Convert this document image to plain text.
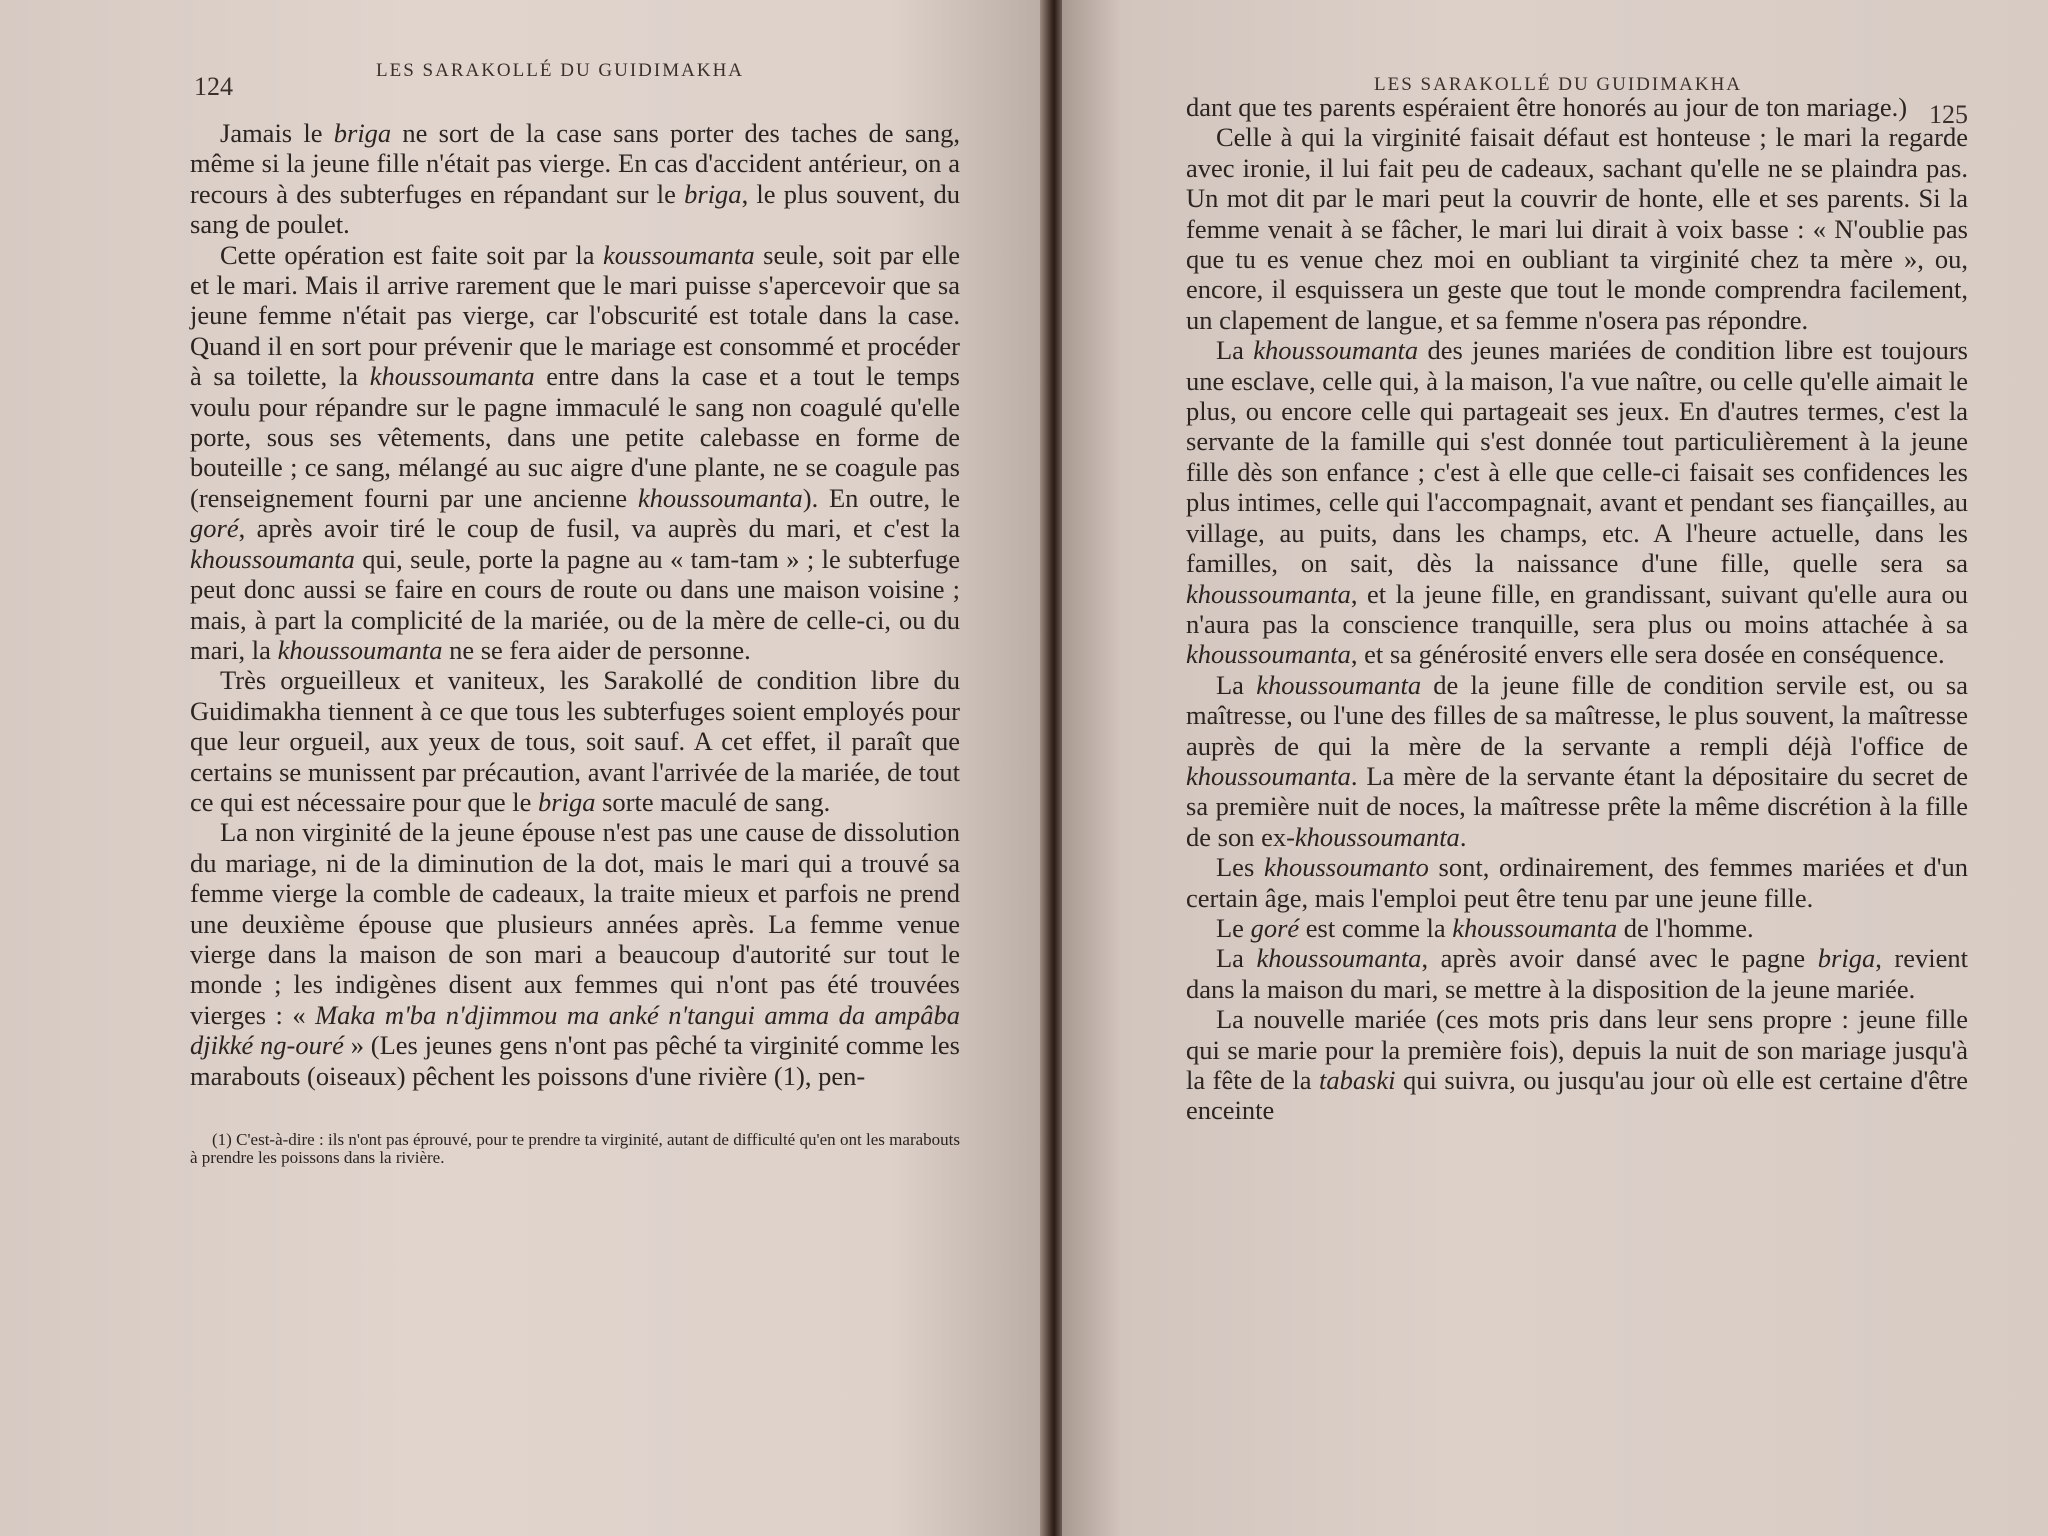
124
LES SARAKOLLÉ DU GUIDIMAKHA

Jamais le briga ne sort de la case sans porter des taches de sang, même si la jeune fille n'était pas vierge. En cas d'accident antérieur, on a recours à des subterfuges en répandant sur le briga, le plus souvent, du sang de poulet.

Cette opération est faite soit par la koussoumanta seule, soit par elle et le mari. Mais il arrive rarement que le mari puisse s'apercevoir que sa jeune femme n'était pas vierge, car l'obscurité est totale dans la case. Quand il en sort pour prévenir que le mariage est consommé et procéder à sa toilette, la khoussoumanta entre dans la case et a tout le temps voulu pour répandre sur le pagne immaculé le sang non coagulé qu'elle porte, sous ses vêtements, dans une petite calebasse en forme de bouteille ; ce sang, mélangé au suc aigre d'une plante, ne se coagule pas (renseignement fourni par une ancienne khoussoumanta). En outre, le goré, après avoir tiré le coup de fusil, va auprès du mari, et c'est la khoussoumanta qui, seule, porte la pagne au « tam-tam » ; le subterfuge peut donc aussi se faire en cours de route ou dans une maison voisine ; mais, à part la complicité de la mariée, ou de la mère de celle-ci, ou du mari, la khoussoumanta ne se fera aider de personne.

Très orgueilleux et vaniteux, les Sarakollé de condition libre du Guidimakha tiennent à ce que tous les subterfuges soient employés pour que leur orgueil, aux yeux de tous, soit sauf. A cet effet, il paraît que certains se munissent par précaution, avant l'arrivée de la mariée, de tout ce qui est nécessaire pour que le briga sorte maculé de sang.

La non virginité de la jeune épouse n'est pas une cause de dissolution du mariage, ni de la diminution de la dot, mais le mari qui a trouvé sa femme vierge la comble de cadeaux, la traite mieux et parfois ne prend une deuxième épouse que plusieurs années après. La femme venue vierge dans la maison de son mari a beaucoup d'autorité sur tout le monde ; les indigènes disent aux femmes qui n'ont pas été trouvées vierges : « Maka m'ba n'djimmou ma anké n'tangui amma da ampâba djikké ng-ouré » (Les jeunes gens n'ont pas pêché ta virginité comme les marabouts (oiseaux) pêchent les poissons d'une rivière (1), pen-

(1) C'est-à-dire : ils n'ont pas éprouvé, pour te prendre ta virginité, autant de difficulté qu'en ont les marabouts à prendre les poissons dans la rivière.
LES SARAKOLLÉ DU GUIDIMAKHA
125

dant que tes parents espéraient être honorés au jour de ton mariage.)

Celle à qui la virginité faisait défaut est honteuse ; le mari la regarde avec ironie, il lui fait peu de cadeaux, sachant qu'elle ne se plaindra pas. Un mot dit par le mari peut la couvrir de honte, elle et ses parents. Si la femme venait à se fâcher, le mari lui dirait à voix basse : « N'oublie pas que tu es venue chez moi en oubliant ta virginité chez ta mère », ou, encore, il esquissera un geste que tout le monde comprendra facilement, un clapement de langue, et sa femme n'osera pas répondre.

La khoussoumanta des jeunes mariées de condition libre est toujours une esclave, celle qui, à la maison, l'a vue naître, ou celle qu'elle aimait le plus, ou encore celle qui partageait ses jeux. En d'autres termes, c'est la servante de la famille qui s'est donnée tout particulièrement à la jeune fille dès son enfance ; c'est à elle que celle-ci faisait ses confidences les plus intimes, celle qui l'accompagnait, avant et pendant ses fiançailles, au village, au puits, dans les champs, etc. A l'heure actuelle, dans les familles, on sait, dès la naissance d'une fille, quelle sera sa khoussoumanta, et la jeune fille, en grandissant, suivant qu'elle aura ou n'aura pas la conscience tranquille, sera plus ou moins attachée à sa khoussoumanta, et sa générosité envers elle sera dosée en conséquence.

La khoussoumanta de la jeune fille de condition servile est, ou sa maîtresse, ou l'une des filles de sa maîtresse, le plus souvent, la maîtresse auprès de qui la mère de la servante a rempli déjà l'office de khoussoumanta. La mère de la servante étant la dépositaire du secret de sa première nuit de noces, la maîtresse prête la même discrétion à la fille de son ex-khoussoumanta.

Les khoussoumanto sont, ordinairement, des femmes mariées et d'un certain âge, mais l'emploi peut être tenu par une jeune fille.

Le goré est comme la khoussoumanta de l'homme.

La khoussoumanta, après avoir dansé avec le pagne briga, revient dans la maison du mari, se mettre à la disposition de la jeune mariée.

La nouvelle mariée (ces mots pris dans leur sens propre : jeune fille qui se marie pour la première fois), depuis la nuit de son mariage jusqu'à la fête de la tabaski qui suivra, ou jusqu'au jour où elle est certaine d'être enceinte
